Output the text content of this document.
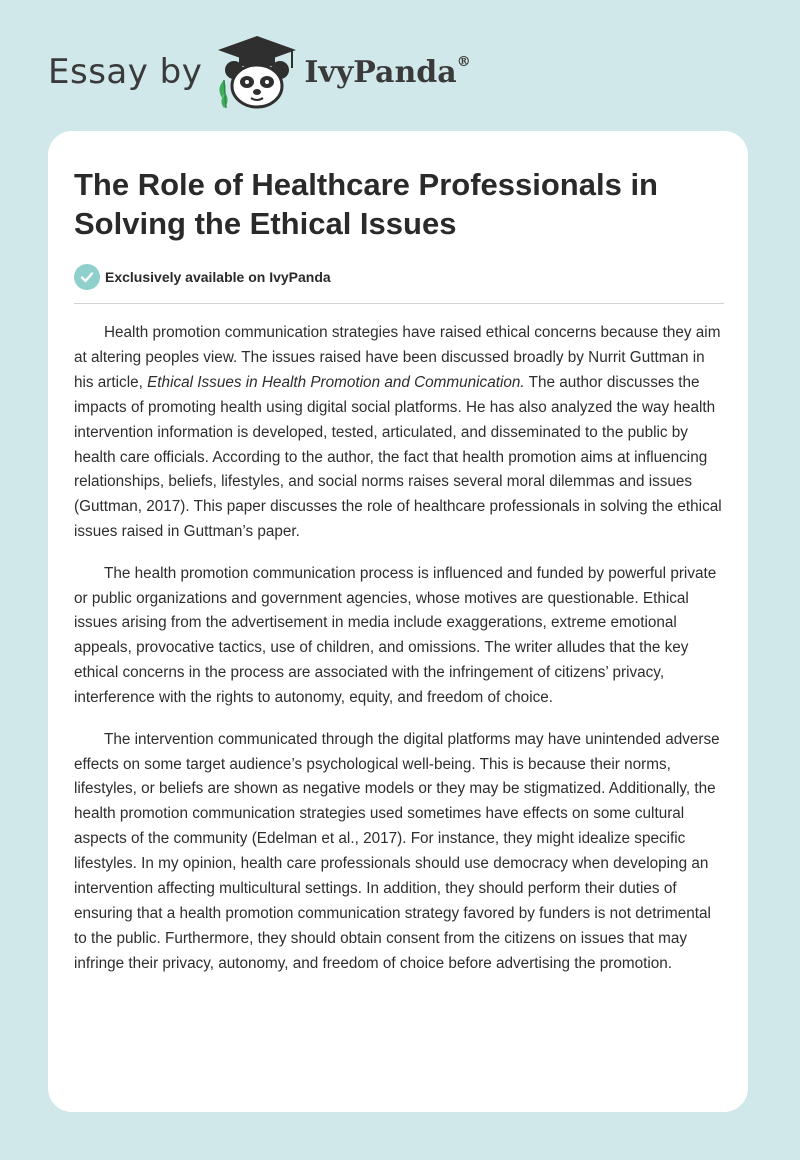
Essay by	IvyPanda®
The Role of Healthcare Professionals in Solving the Ethical Issues
Exclusively available on IvyPanda

Health promotion communication strategies have raised ethical concerns because they aim at altering peoples view. The issues raised have been discussed broadly by Nurrit Guttman in his article, Ethical Issues in Health Promotion and Communication. The author discusses the impacts of promoting health using digital social platforms. He has also analyzed the way health intervention information is developed, tested, articulated, and disseminated to the public by health care officials. According to the author, the fact that health promotion aims at influencing relationships, beliefs, lifestyles, and social norms raises several moral dilemmas and issues (Guttman, 2017). This paper discusses the role of healthcare professionals in solving the ethical issues raised in Guttman’s paper.

The health promotion communication process is influenced and funded by powerful private or public organizations and government agencies, whose motives are questionable. Ethical issues arising from the advertisement in media include exaggerations, extreme emotional appeals, provocative tactics, use of children, and omissions. The writer alludes that the key ethical concerns in the process are associated with the infringement of citizens’ privacy, interference with the rights to autonomy, equity, and freedom of choice.

The intervention communicated through the digital platforms may have unintended adverse effects on some target audience’s psychological well-being. This is because their norms, lifestyles, or beliefs are shown as negative models or they may be stigmatized. Additionally, the health promotion communication strategies used sometimes have effects on some cultural aspects of the community (Edelman et al., 2017). For instance, they might idealize specific lifestyles. In my opinion, health care professionals should use democracy when developing an intervention affecting multicultural settings. In addition, they should perform their duties of ensuring that a health promotion communication strategy favored by funders is not detrimental to the public. Furthermore, they should obtain consent from the citizens on issues that may infringe their privacy, autonomy, and freedom of choice before advertising the promotion.
